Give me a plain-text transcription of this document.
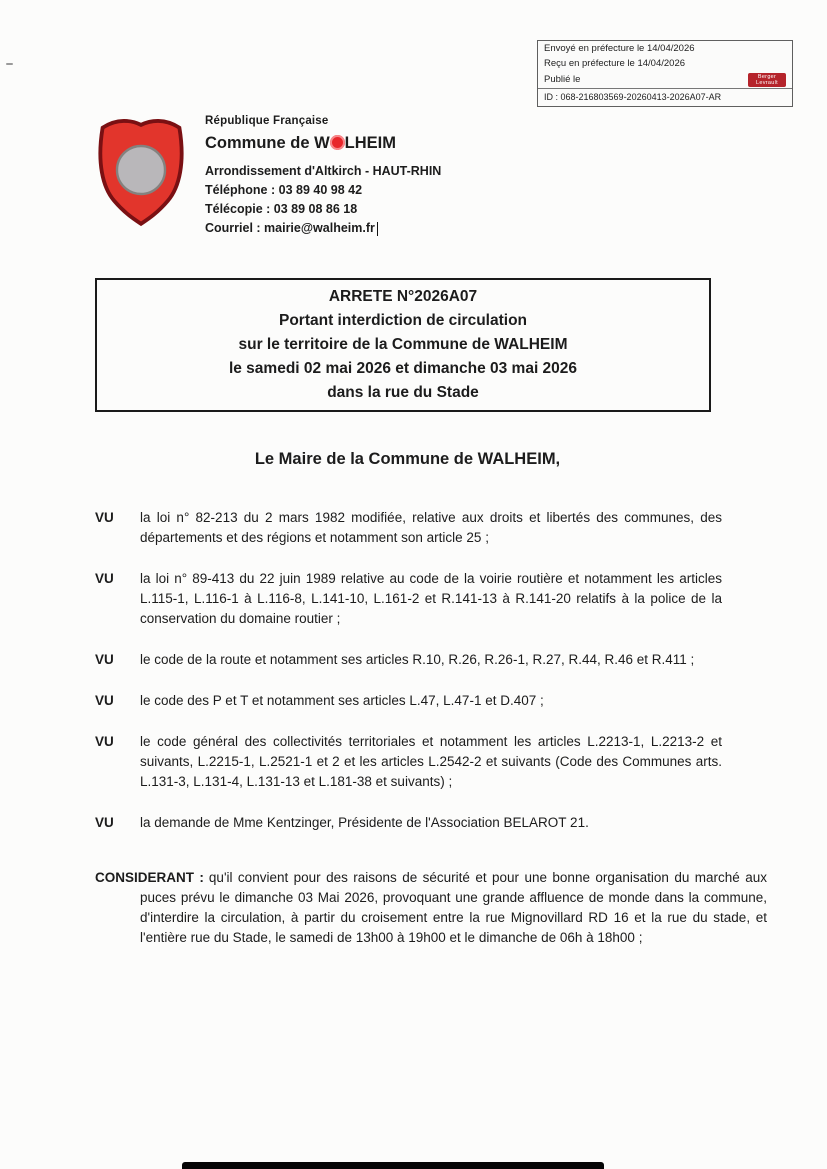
Envoyé en préfecture le 14/04/2026
Reçu en préfecture le 14/04/2026
Publié le	Berger
Levrault
ID : 068-216803569-20260413-2026A07-AR
République Française
Commune de W LHEIM
Arrondissement d'Altkirch - HAUT-RHIN
Téléphone : 03 89 40 98 42
Télécopie : 03 89 08 86 18
Courriel : mairie@walheim.fr
ARRETE N°2026A07
Portant interdiction de circulation
sur le territoire de la Commune de WALHEIM
le samedi 02 mai 2026 et dimanche 03 mai 2026
dans la rue du Stade
Le Maire de la Commune de WALHEIM,
VU	la loi n° 82-213 du 2 mars 1982 modifiée, relative aux droits et libertés des communes, des départements et des régions et notamment son article 25 ;
VU	la loi n° 89-413 du 22 juin 1989 relative au code de la voirie routière et notamment les articles L.115-1, L.116-1 à L.116-8, L.141-10, L.161-2 et R.141-13 à R.141-20 relatifs à la police de la conservation du domaine routier ;
VU	le code de la route et notamment ses articles R.10, R.26, R.26-1, R.27, R.44, R.46 et R.411 ;
VU	le code des P et T et notamment ses articles L.47, L.47-1 et D.407 ;
VU	le code général des collectivités territoriales et notamment les articles L.2213-1, L.2213-2 et suivants, L.2215-1, L.2521-1 et 2 et les articles L.2542-2 et suivants (Code des Communes arts. L.131-3, L.131-4, L.131-13 et L.181-38 et suivants) ;
VU	la demande de Mme Kentzinger, Présidente de l'Association BELAROT 21.
CONSIDERANT : qu'il convient pour des raisons de sécurité et pour une bonne organisation du marché aux puces prévu le dimanche 03 Mai 2026, provoquant une grande affluence de monde dans la commune, d'interdire la circulation, à partir du croisement entre la rue Mignovillard RD 16 et la rue du stade, et l'entière rue du Stade, le samedi de 13h00 à 19h00 et le dimanche de 06h à 18h00 ;
